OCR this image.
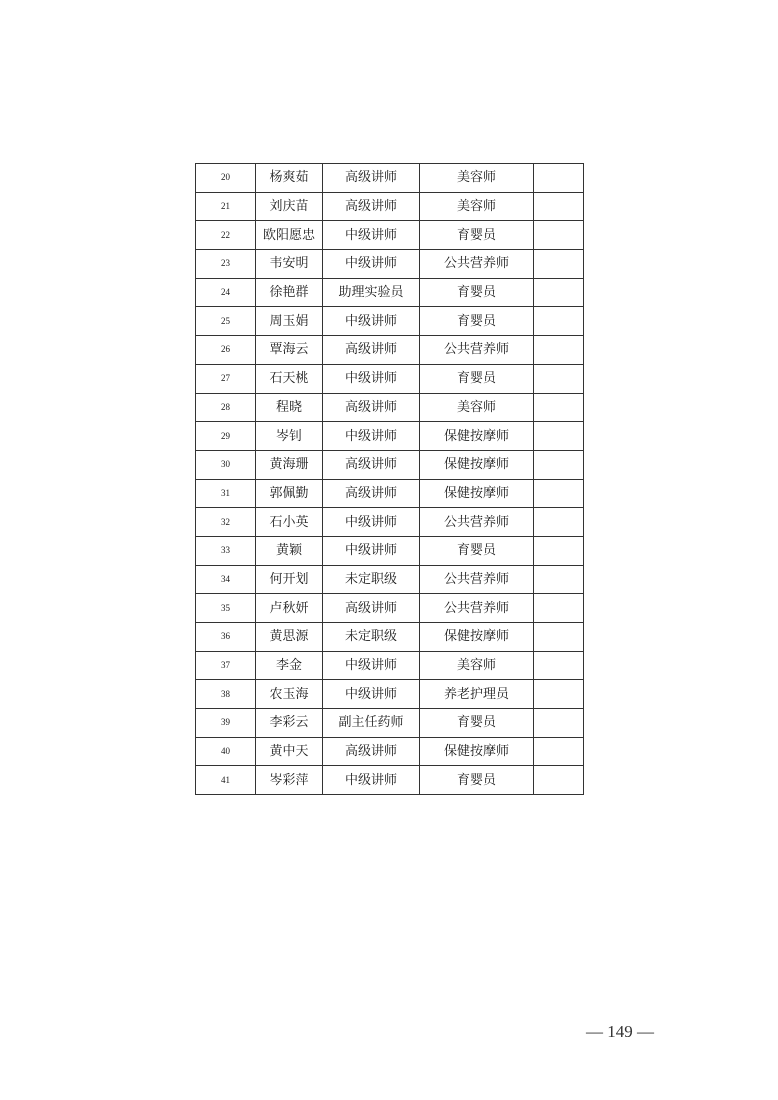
20	杨爽茹	高级讲师	美容师	
21	刘庆苗	高级讲师	美容师	
22	欧阳愿忠	中级讲师	育婴员	
23	韦安明	中级讲师	公共营养师	
24	徐艳群	助理实验员	育婴员	
25	周玉娟	中级讲师	育婴员	
26	覃海云	高级讲师	公共营养师	
27	石天桃	中级讲师	育婴员	
28	程晓	高级讲师	美容师	
29	岑钊	中级讲师	保健按摩师	
30	黄海珊	高级讲师	保健按摩师	
31	郭佩勤	高级讲师	保健按摩师	
32	石小英	中级讲师	公共营养师	
33	黄颖	中级讲师	育婴员	
34	何开划	未定职级	公共营养师	
35	卢秋妍	高级讲师	公共营养师	
36	黄思源	未定职级	保健按摩师	
37	李金	中级讲师	美容师	
38	农玉海	中级讲师	养老护理员	
39	李彩云	副主任药师	育婴员	
40	黄中天	高级讲师	保健按摩师	
41	岑彩萍	中级讲师	育婴员	
— 149 —
